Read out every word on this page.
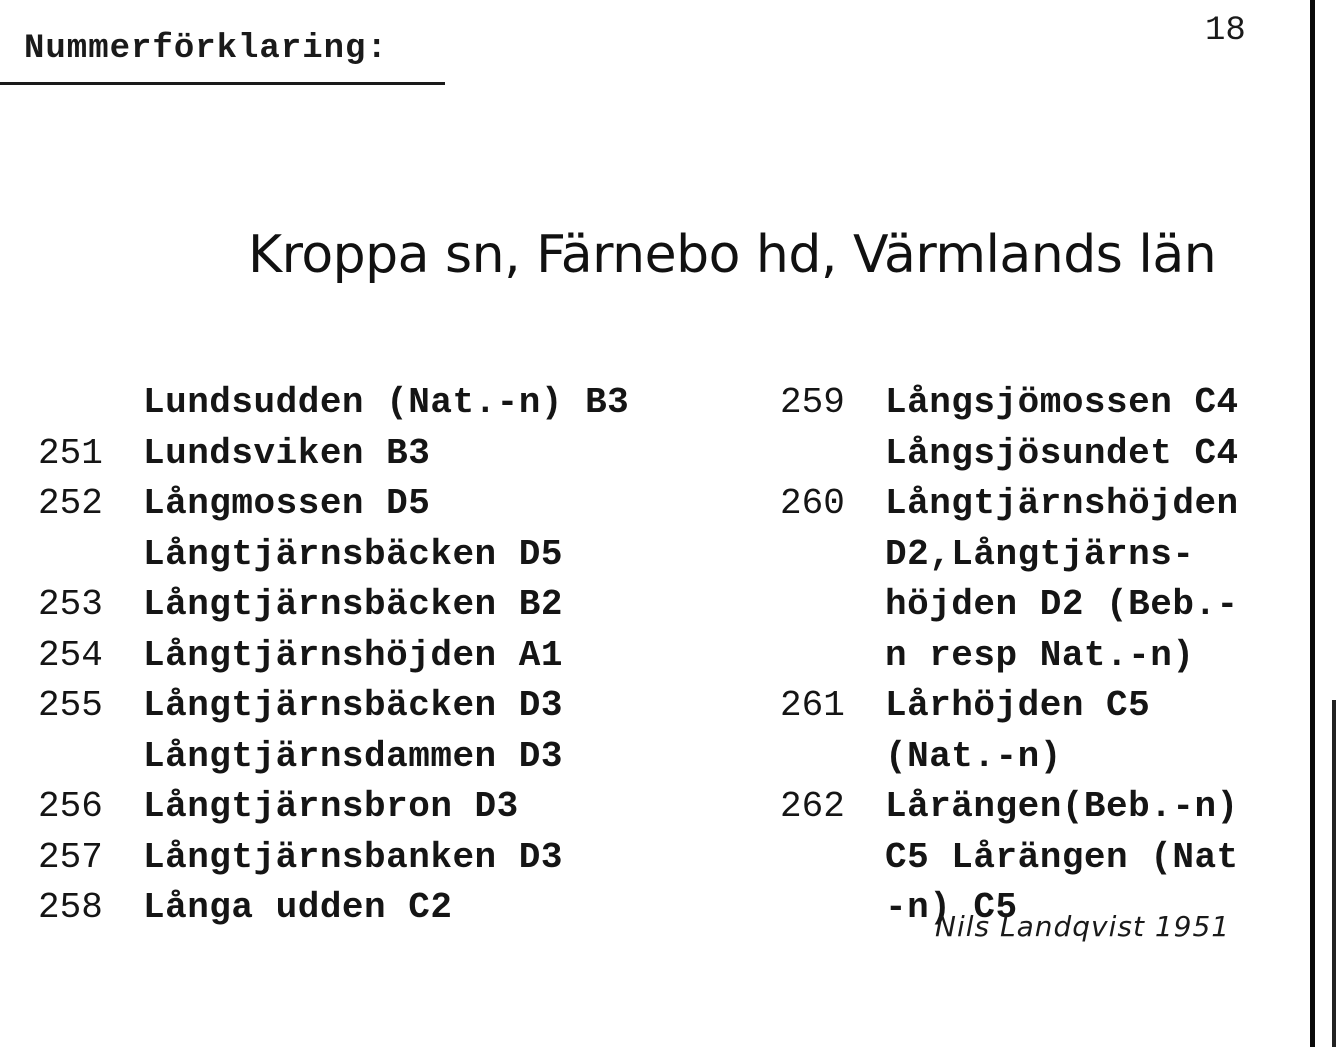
Nummerförklaring:	18
Kroppa sn, Färnebo hd, Värmlands län
Lundsudden (Nat.-n) B3
251	Lundsviken B3
252	Långmossen D5
Långtjärnsbäcken D5
253	Långtjärnsbäcken B2
254	Långtjärnshöjden A1
255	Långtjärnsbäcken D3
Långtjärnsdammen D3
256	Långtjärnsbron D3
257	Långtjärnsbanken D3
258	Långa udden C2
259	Långsjömossen C4
Långsjösundet C4
260	Långtjärnshöjden
D2,Långtjärns-
höjden D2 (Beb.-
n resp Nat.-n)
261	Lårhöjden C5
(Nat.-n)
262	Lårängen(Beb.-n)
C5 Lårängen (Nat
-n) C5
Nils Landqvist 1951
